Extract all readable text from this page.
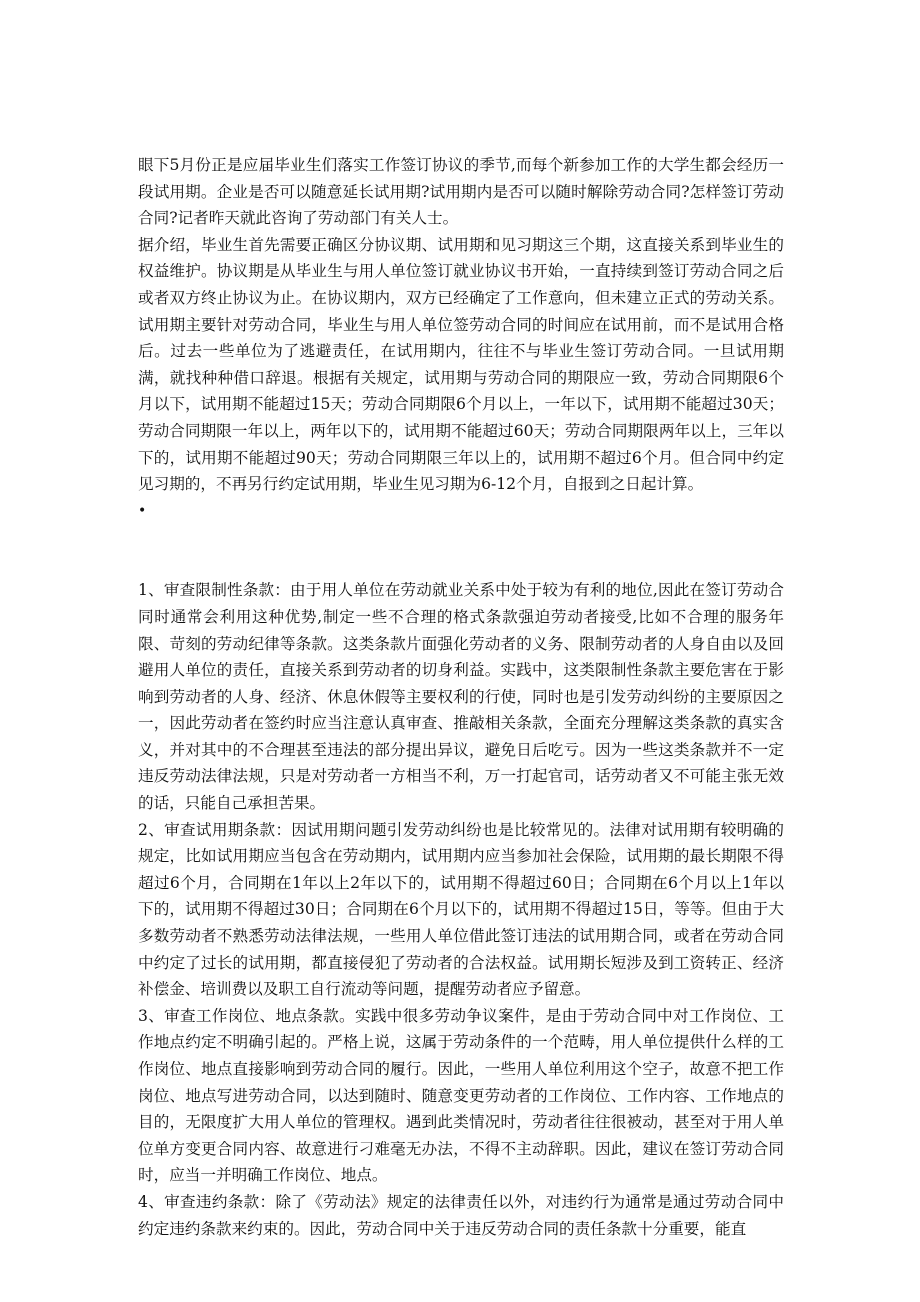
眼下5月份正是应届毕业生们落实工作签订协议的季节,而每个新参加工作的大学生都会经历一段试用期。企业是否可以随意延长试用期?试用期内是否可以随时解除劳动合同?怎样签订劳动合同?记者昨天就此咨询了劳动部门有关人士。

据介绍，毕业生首先需要正确区分协议期、试用期和见习期这三个期，这直接关系到毕业生的权益维护。协议期是从毕业生与用人单位签订就业协议书开始，一直持续到签订劳动合同之后或者双方终止协议为止。在协议期内，双方已经确定了工作意向，但未建立正式的劳动关系。试用期主要针对劳动合同，毕业生与用人单位签劳动合同的时间应在试用前，而不是试用合格后。过去一些单位为了逃避责任，在试用期内，往往不与毕业生签订劳动合同。一旦试用期满，就找种种借口辞退。根据有关规定，试用期与劳动合同的期限应一致，劳动合同期限6个月以下，试用期不能超过15天；劳动合同期限6个月以上，一年以下，试用期不能超过30天；劳动合同期限一年以上，两年以下的，试用期不能超过60天；劳动合同期限两年以上，三年以下的，试用期不能超过90天；劳动合同期限三年以上的，试用期不超过6个月。但合同中约定见习期的，不再另行约定试用期，毕业生见习期为6-12个月，自报到之日起计算。

•

1、审查限制性条款：由于用人单位在劳动就业关系中处于较为有利的地位,因此在签订劳动合同时通常会利用这种优势,制定一些不合理的格式条款强迫劳动者接受,比如不合理的服务年限、苛刻的劳动纪律等条款。这类条款片面强化劳动者的义务、限制劳动者的人身自由以及回避用人单位的责任，直接关系到劳动者的切身利益。实践中，这类限制性条款主要危害在于影响到劳动者的人身、经济、休息休假等主要权利的行使，同时也是引发劳动纠纷的主要原因之一，因此劳动者在签约时应当注意认真审查、推敲相关条款，全面充分理解这类条款的真实含义，并对其中的不合理甚至违法的部分提出异议，避免日后吃亏。因为一些这类条款并不一定违反劳动法律法规，只是对劳动者一方相当不利，万一打起官司，话劳动者又不可能主张无效的话，只能自己承担苦果。

2、审查试用期条款：因试用期问题引发劳动纠纷也是比较常见的。法律对试用期有较明确的规定，比如试用期应当包含在劳动期内，试用期内应当参加社会保险，试用期的最长期限不得超过6个月，合同期在1年以上2年以下的，试用期不得超过60日；合同期在6个月以上1年以下的，试用期不得超过30日；合同期在6个月以下的，试用期不得超过15日，等等。但由于大多数劳动者不熟悉劳动法律法规，一些用人单位借此签订违法的试用期合同，或者在劳动合同中约定了过长的试用期，都直接侵犯了劳动者的合法权益。试用期长短涉及到工资转正、经济补偿金、培训费以及职工自行流动等问题，提醒劳动者应予留意。

3、审查工作岗位、地点条款。实践中很多劳动争议案件，是由于劳动合同中对工作岗位、工作地点约定不明确引起的。严格上说，这属于劳动条件的一个范畴，用人单位提供什么样的工作岗位、地点直接影响到劳动合同的履行。因此，一些用人单位利用这个空子，故意不把工作岗位、地点写进劳动合同，以达到随时、随意变更劳动者的工作岗位、工作内容、工作地点的目的，无限度扩大用人单位的管理权。遇到此类情况时，劳动者往往很被动，甚至对于用人单位单方变更合同内容、故意进行刁难毫无办法，不得不主动辞职。因此，建议在签订劳动合同时，应当一并明确工作岗位、地点。

4、审查违约条款：除了《劳动法》规定的法律责任以外，对违约行为通常是通过劳动合同中约定违约条款来约束的。因此，劳动合同中关于违反劳动合同的责任条款十分重要，能直
